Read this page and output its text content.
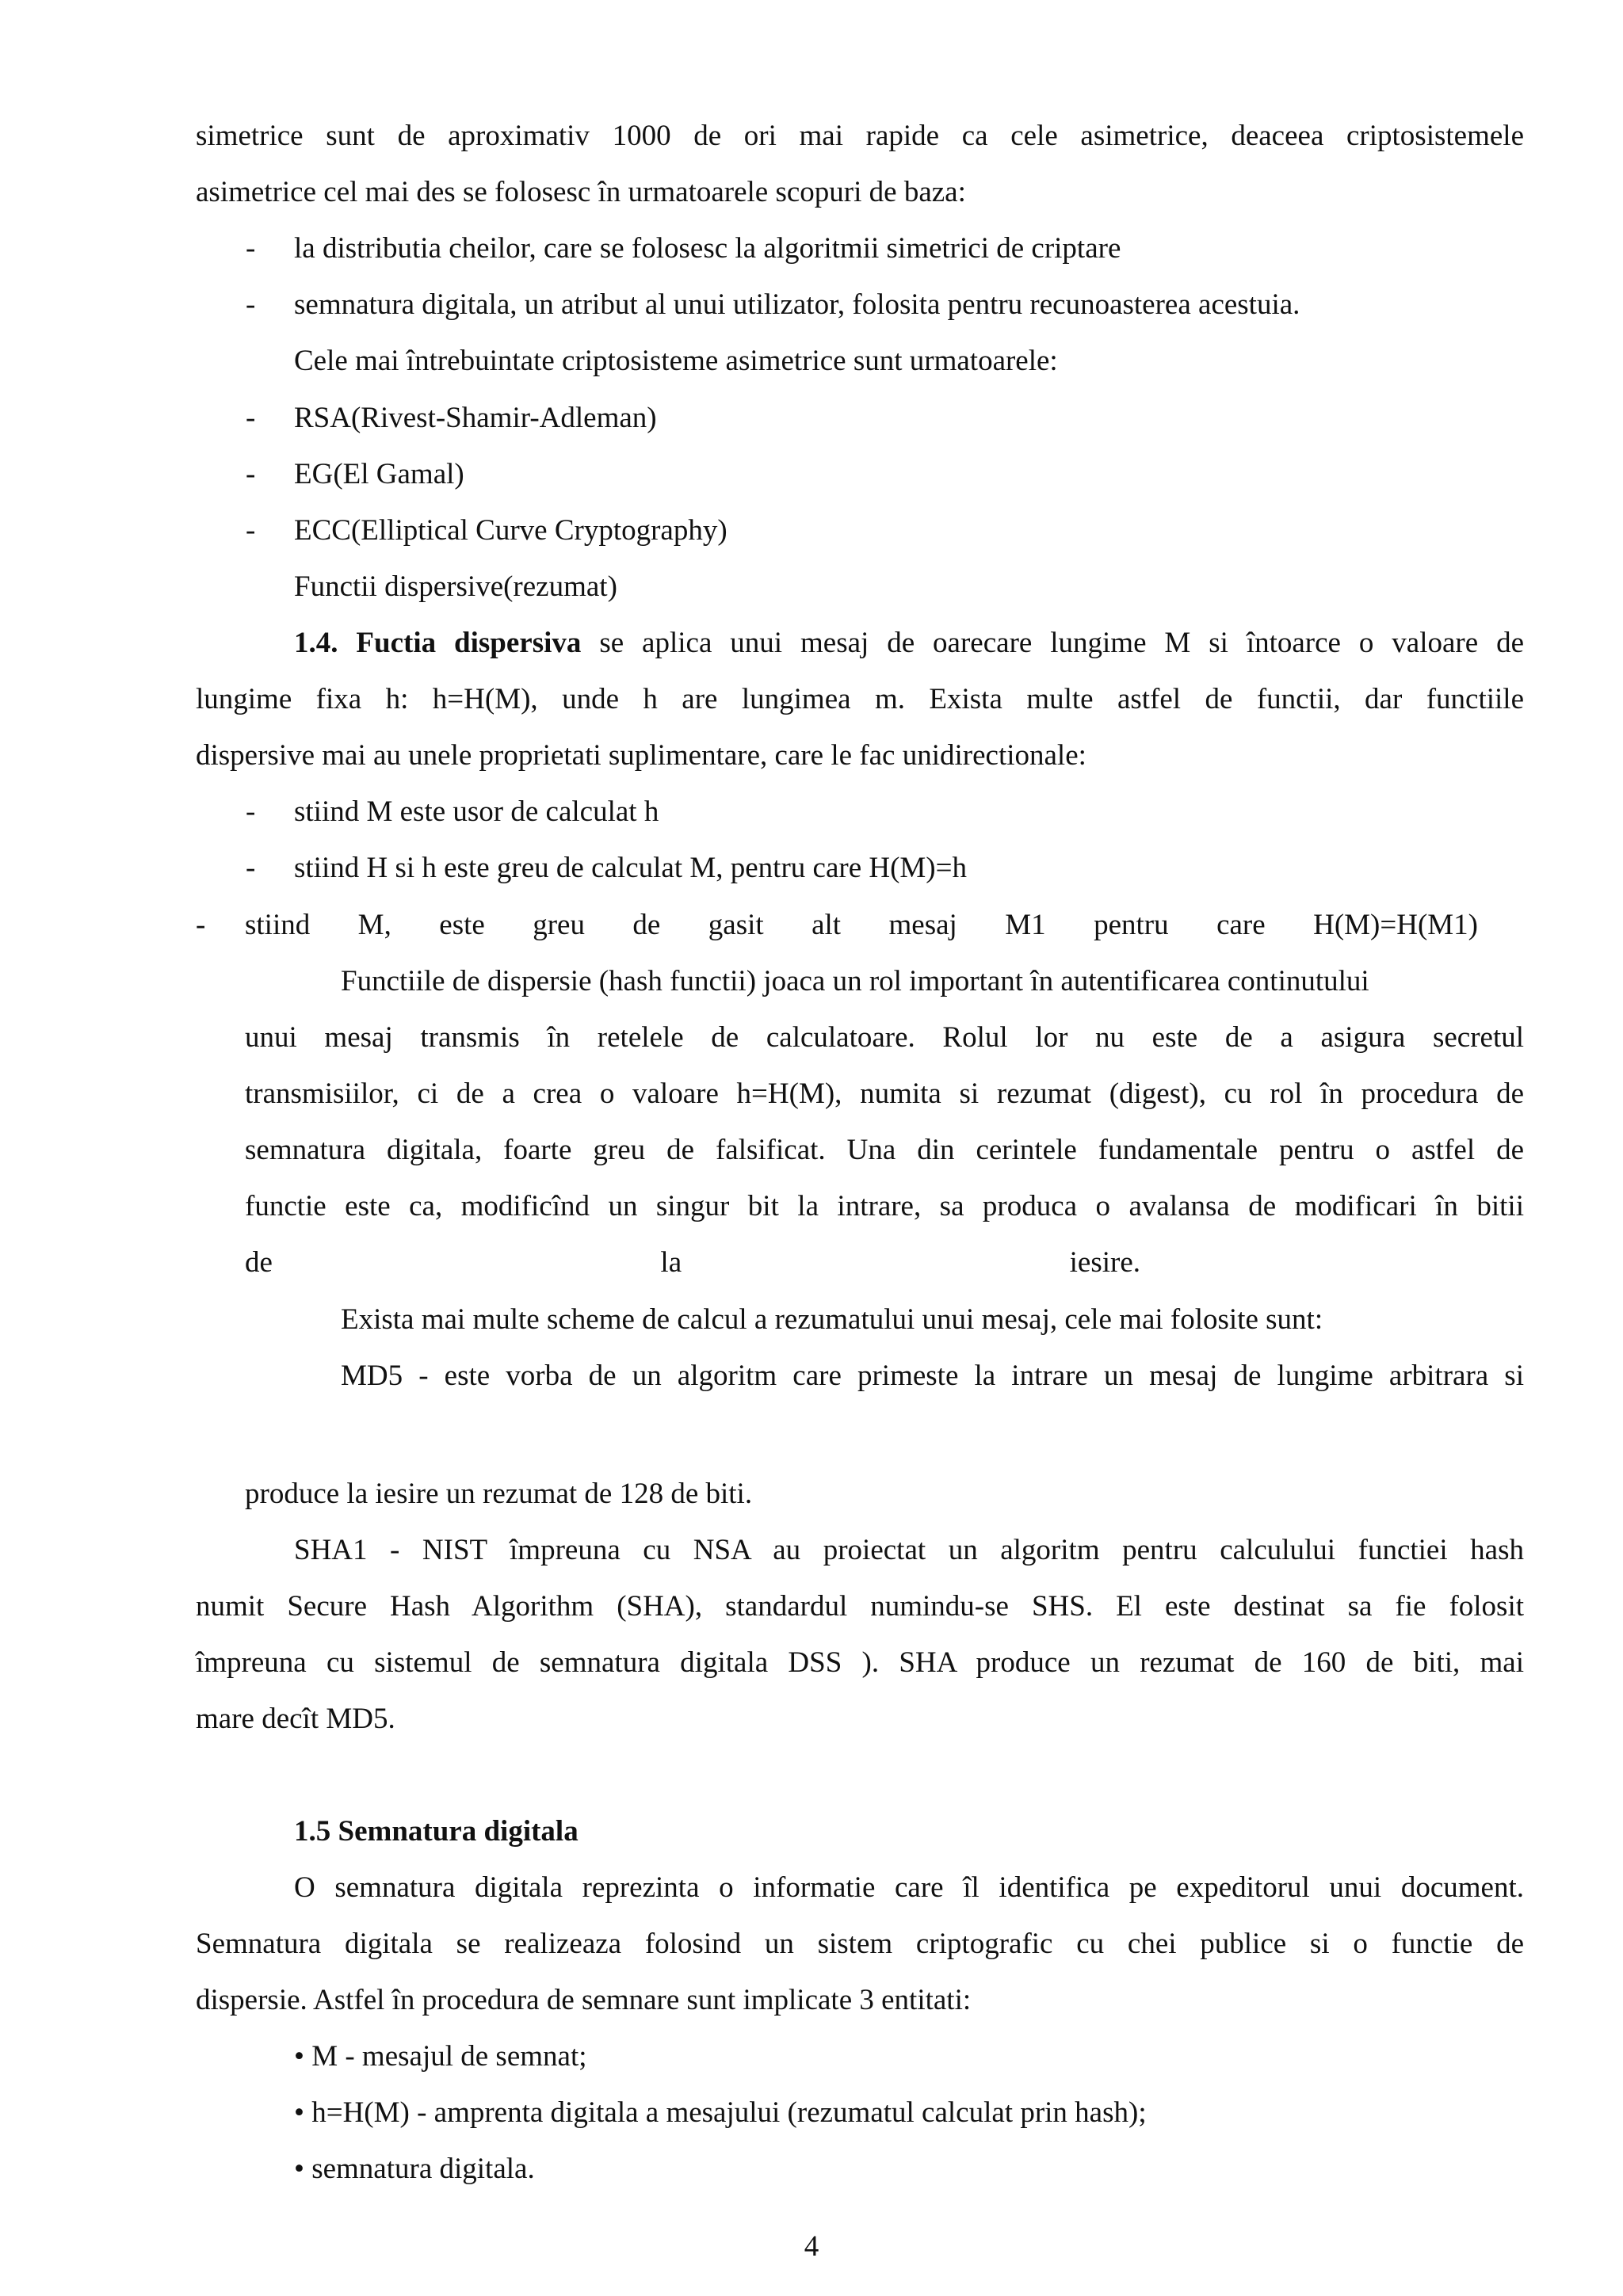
simetrice sunt de aproximativ 1000 de ori mai rapide ca cele asimetrice, deaceea criptosistemele
asimetrice cel mai des se folosesc în urmatoarele scopuri de baza:
- la distributia cheilor, care se folosesc la algoritmii simetrici de criptare
- semnatura digitala, un atribut al unui utilizator, folosita pentru recunoasterea acestuia.
Cele mai întrebuintate criptosisteme asimetrice sunt urmatoarele:
- RSA(Rivest-Shamir-Adleman)
- EG(El Gamal)
- ECC(Elliptical Curve Cryptography)
Functii dispersive(rezumat)
1.4. Fuctia dispersiva se aplica unui mesaj de oarecare lungime M si întoarce o valoare de
lungime fixa h: h=H(M), unde h are lungimea m. Exista multe astfel de functii, dar functiile
dispersive mai au unele proprietati suplimentare, care le fac unidirectionale:
- stiind M este usor de calculat h
- stiind H si h este greu de calculat M, pentru care H(M)=h
- stiind M, este greu de gasit alt mesaj M1 pentru care H(M)=H(M1)
Functiile de dispersie (hash functii) joaca un rol important în autentificarea continutului
unui mesaj transmis în retelele de calculatoare. Rolul lor nu este de a asigura secretul
transmisiilor, ci de a crea o valoare h=H(M), numita si rezumat (digest), cu rol în procedura de
semnatura digitala, foarte greu de falsificat. Una din cerintele fundamentale pentru o astfel de
functie este ca, modificînd un singur bit la intrare, sa produca o avalansa de modificari în bitii
de la iesire.
Exista mai multe scheme de calcul a rezumatului unui mesaj, cele mai folosite sunt:
MD5 - este vorba de un algoritm care primeste la intrare un mesaj de lungime arbitrara si
produce la iesire un rezumat de 128 de biti.
SHA1 - NIST împreuna cu NSA au proiectat un algoritm pentru calculului functiei hash
numit Secure Hash Algorithm (SHA), standardul numindu-se SHS. El este destinat sa fie folosit
împreuna cu sistemul de semnatura digitala DSS ). SHA produce un rezumat de 160 de biti, mai
mare decît MD5.
1.5 Semnatura digitala
O semnatura digitala reprezinta o informatie care îl identifica pe expeditorul unui document.
Semnatura digitala se realizeaza folosind un sistem criptografic cu chei publice si o functie de
dispersie. Astfel în procedura de semnare sunt implicate 3 entitati:
• M - mesajul de semnat;
• h=H(M) - amprenta digitala a mesajului (rezumatul calculat prin hash);
• semnatura digitala.
4
